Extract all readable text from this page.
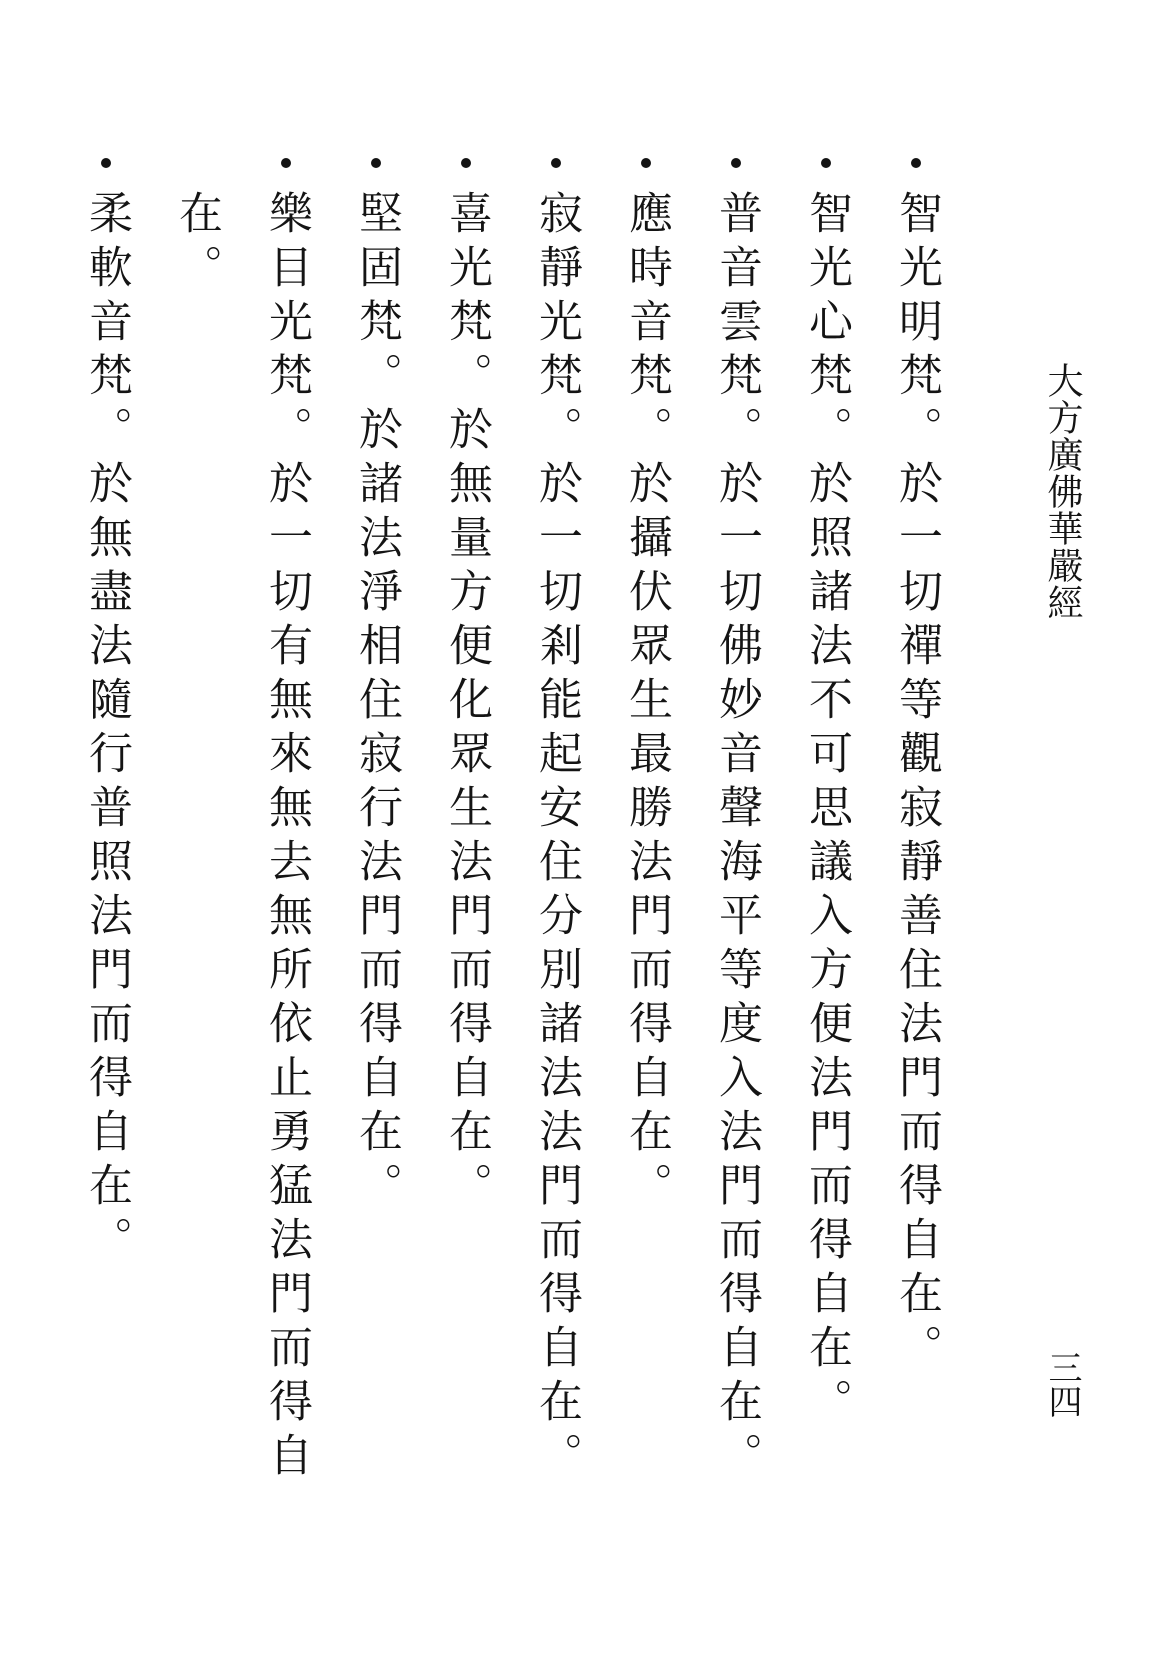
大方廣佛華嚴經
三四
智光明梵。於一切禪等觀寂靜善住法門而得自在。
智光心梵。於照諸法不可思議入方便法門而得自在。
普音雲梵。於一切佛妙音聲海平等度入法門而得自在。
應時音梵。於攝伏眾生最勝法門而得自在。
寂靜光梵。於一切剎能起安住分別諸法法門而得自在。
喜光梵。於無量方便化眾生法門而得自在。
堅固梵。於諸法淨相住寂行法門而得自在。
樂目光梵。於一切有無來無去無所依止勇猛法門而得自
在。
柔軟音梵。於無盡法隨行普照法門而得自在。
